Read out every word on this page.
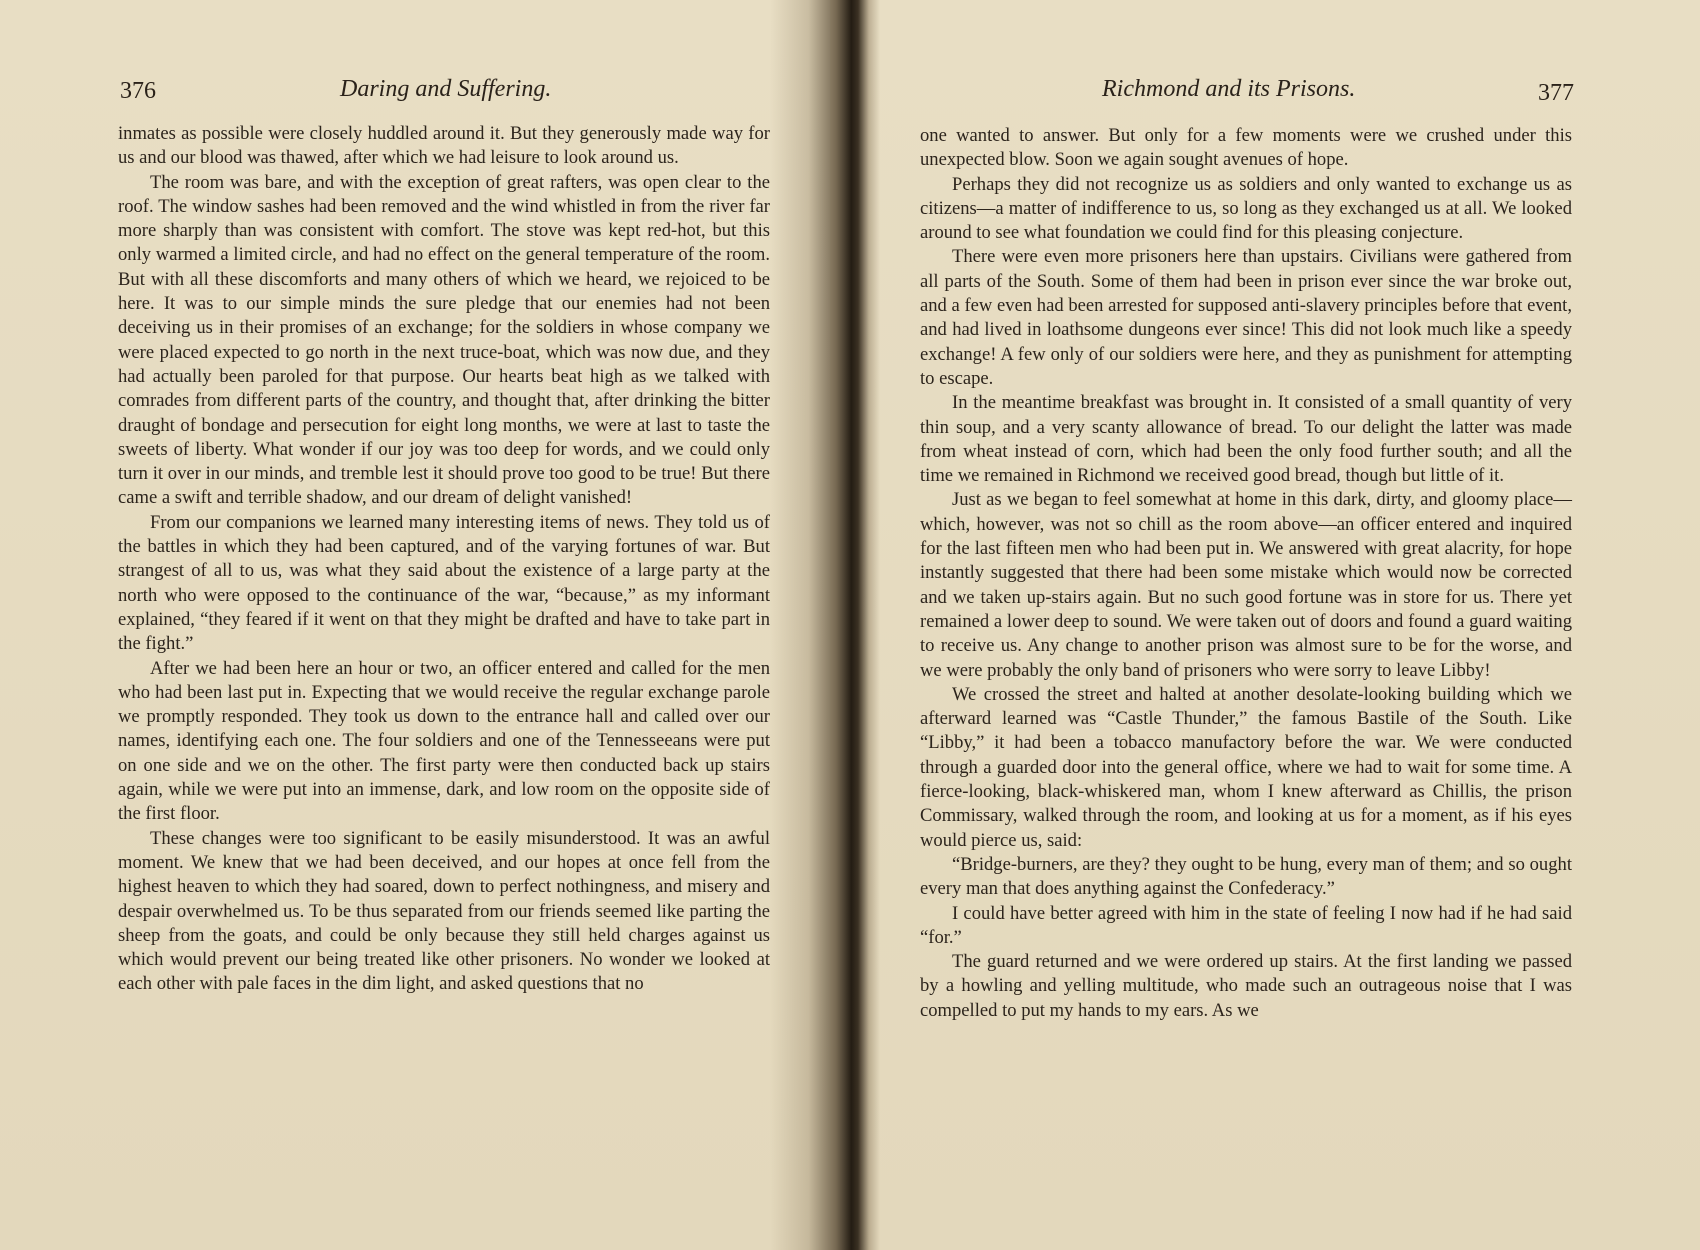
376	Daring and Suffering.

inmates as possible were closely huddled around it. But they generously made way for us and our blood was thawed, after which we had leisure to look around us.

The room was bare, and with the exception of great rafters, was open clear to the roof. The window sashes had been removed and the wind whistled in from the river far more sharply than was consistent with comfort. The stove was kept red-hot, but this only warmed a limited circle, and had no effect on the general temperature of the room. But with all these discomforts and many others of which we heard, we rejoiced to be here. It was to our simple minds the sure pledge that our enemies had not been deceiving us in their promises of an exchange; for the soldiers in whose company we were placed expected to go north in the next truce-boat, which was now due, and they had actually been paroled for that purpose. Our hearts beat high as we talked with comrades from different parts of the country, and thought that, after drinking the bitter draught of bondage and persecution for eight long months, we were at last to taste the sweets of liberty. What wonder if our joy was too deep for words, and we could only turn it over in our minds, and tremble lest it should prove too good to be true! But there came a swift and terrible shadow, and our dream of delight vanished!

From our companions we learned many interesting items of news. They told us of the battles in which they had been captured, and of the varying fortunes of war. But strangest of all to us, was what they said about the existence of a large party at the north who were opposed to the continuance of the war, “because,” as my informant explained, “they feared if it went on that they might be drafted and have to take part in the fight.”

After we had been here an hour or two, an officer entered and called for the men who had been last put in. Expecting that we would receive the regular exchange parole we promptly responded. They took us down to the entrance hall and called over our names, identifying each one. The four soldiers and one of the Tennesseeans were put on one side and we on the other. The first party were then conducted back up stairs again, while we were put into an immense, dark, and low room on the opposite side of the first floor.

These changes were too significant to be easily misunderstood. It was an awful moment. We knew that we had been deceived, and our hopes at once fell from the highest heaven to which they had soared, down to perfect nothingness, and misery and despair overwhelmed us. To be thus separated from our friends seemed like parting the sheep from the goats, and could be only because they still held charges against us which would prevent our being treated like other prisoners. No wonder we looked at each other with pale faces in the dim light, and asked questions that no

Richmond and its Prisons.	377

one wanted to answer. But only for a few moments were we crushed under this unexpected blow. Soon we again sought avenues of hope.

Perhaps they did not recognize us as soldiers and only wanted to exchange us as citizens—a matter of indifference to us, so long as they exchanged us at all. We looked around to see what foundation we could find for this pleasing conjecture.

There were even more prisoners here than upstairs. Civilians were gathered from all parts of the South. Some of them had been in prison ever since the war broke out, and a few even had been arrested for supposed anti-slavery principles before that event, and had lived in loathsome dungeons ever since! This did not look much like a speedy exchange! A few only of our soldiers were here, and they as punishment for attempting to escape.

In the meantime breakfast was brought in. It consisted of a small quantity of very thin soup, and a very scanty allowance of bread. To our delight the latter was made from wheat instead of corn, which had been the only food further south; and all the time we remained in Richmond we received good bread, though but little of it.

Just as we began to feel somewhat at home in this dark, dirty, and gloomy place—which, however, was not so chill as the room above—an officer entered and inquired for the last fifteen men who had been put in. We answered with great alacrity, for hope instantly suggested that there had been some mistake which would now be corrected and we taken up-stairs again. But no such good fortune was in store for us. There yet remained a lower deep to sound. We were taken out of doors and found a guard waiting to receive us. Any change to another prison was almost sure to be for the worse, and we were probably the only band of prisoners who were sorry to leave Libby!

We crossed the street and halted at another desolate-looking building which we afterward learned was “Castle Thunder,” the famous Bastile of the South. Like “Libby,” it had been a tobacco manufactory before the war. We were conducted through a guarded door into the general office, where we had to wait for some time. A fierce-looking, black-whiskered man, whom I knew afterward as Chillis, the prison Commissary, walked through the room, and looking at us for a moment, as if his eyes would pierce us, said:

“Bridge-burners, are they? they ought to be hung, every man of them; and so ought every man that does anything against the Confederacy.”

I could have better agreed with him in the state of feeling I now had if he had said “for.”

The guard returned and we were ordered up stairs. At the first landing we passed by a howling and yelling multitude, who made such an outrageous noise that I was compelled to put my hands to my ears. As we
